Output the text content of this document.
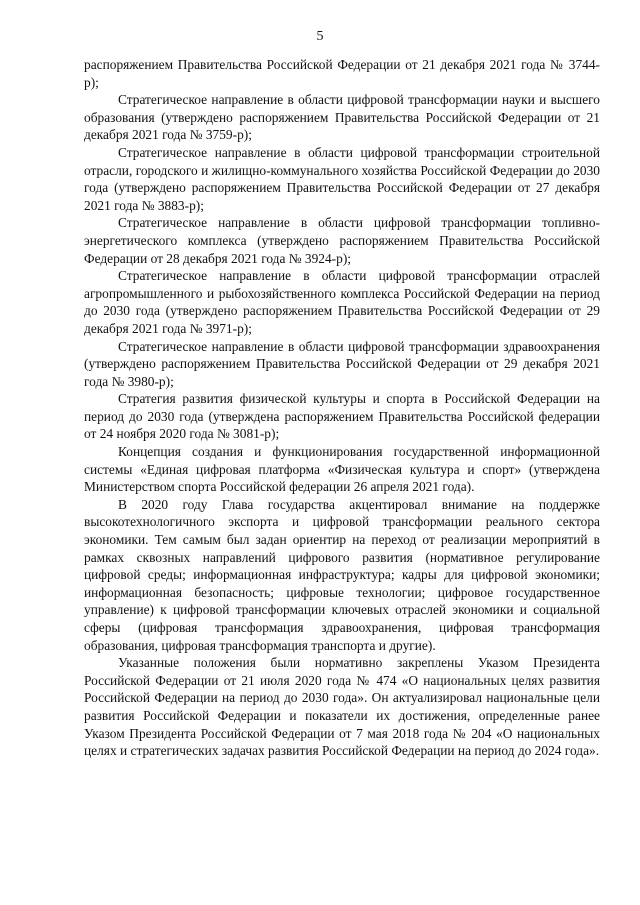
5

распоряжением Правительства Российской Федерации от 21 декабря 2021 года № 3744-р);

Стратегическое направление в области цифровой трансформации науки и высшего образования (утверждено распоряжением Правительства Российской Федерации от 21 декабря 2021 года № 3759-р);

Стратегическое направление в области цифровой трансформации строительной отрасли, городского и жилищно-коммунального хозяйства Российской Федерации до 2030 года (утверждено распоряжением Правительства Российской Федерации от 27 декабря 2021 года № 3883-р);

Стратегическое направление в области цифровой трансформации топливно-энергетического комплекса (утверждено распоряжением Правительства Российской Федерации от 28 декабря 2021 года № 3924-р);

Стратегическое направление в области цифровой трансформации отраслей агропромышленного и рыбохозяйственного комплекса Российской Федерации на период до 2030 года (утверждено распоряжением Правительства Российской Федерации от 29 декабря 2021 года № 3971-р);

Стратегическое направление в области цифровой трансформации здравоохранения (утверждено распоряжением Правительства Российской Федерации от 29 декабря 2021 года № 3980-р);

Стратегия развития физической культуры и спорта в Российской Федерации на период до 2030 года (утверждена распоряжением Правительства Российской федерации от 24 ноября 2020 года № 3081-р);

Концепция создания и функционирования государственной информационной системы «Единая цифровая платформа «Физическая культура и спорт» (утверждена Министерством спорта Российской федерации 26 апреля 2021 года).

В 2020 году Глава государства акцентировал внимание на поддержке высокотехнологичного экспорта и цифровой трансформации реального сектора экономики. Тем самым был задан ориентир на переход от реализации мероприятий в рамках сквозных направлений цифрового развития (нормативное регулирование цифровой среды; информационная инфраструктура; кадры для цифровой экономики; информационная безопасность; цифровые технологии; цифровое государственное управление) к цифровой трансформации ключевых отраслей экономики и социальной сферы (цифровая трансформация здравоохранения, цифровая трансформация образования, цифровая трансформация транспорта и другие).

Указанные положения были нормативно закреплены Указом Президента Российской Федерации от 21 июля 2020 года № 474 «О национальных целях развития Российской Федерации на период до 2030 года». Он актуализировал национальные цели развития Российской Федерации и показатели их достижения, определенные ранее Указом Президента Российской Федерации от 7 мая 2018 года № 204 «О национальных целях и стратегических задачах развития Российской Федерации на период до 2024 года».
